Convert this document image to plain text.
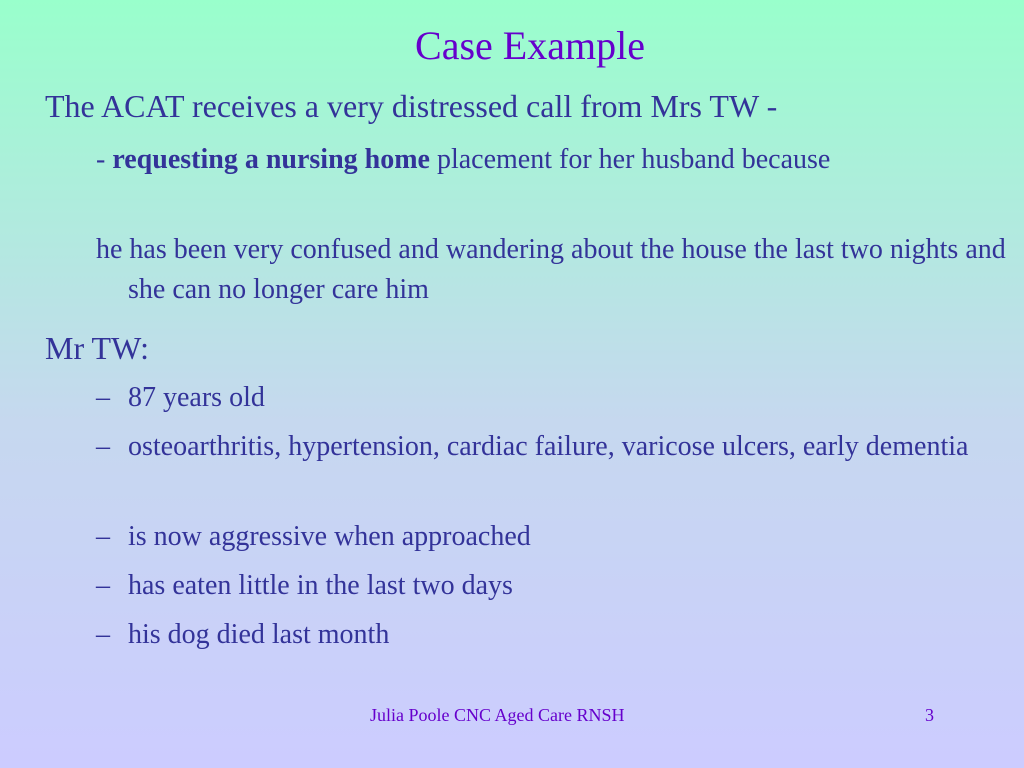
Case Example

The ACAT receives a very distressed call from Mrs TW -

- requesting a nursing home placement for her husband because

he has been very confused and wandering about the house the last two nights and she can no longer care him

Mr TW:

– 87 years old
– osteoarthritis, hypertension, cardiac failure, varicose ulcers, early dementia
– is now aggressive when approached
– has eaten little in the last two days
– his dog died last month
Julia Poole CNC Aged Care RNSH	3
